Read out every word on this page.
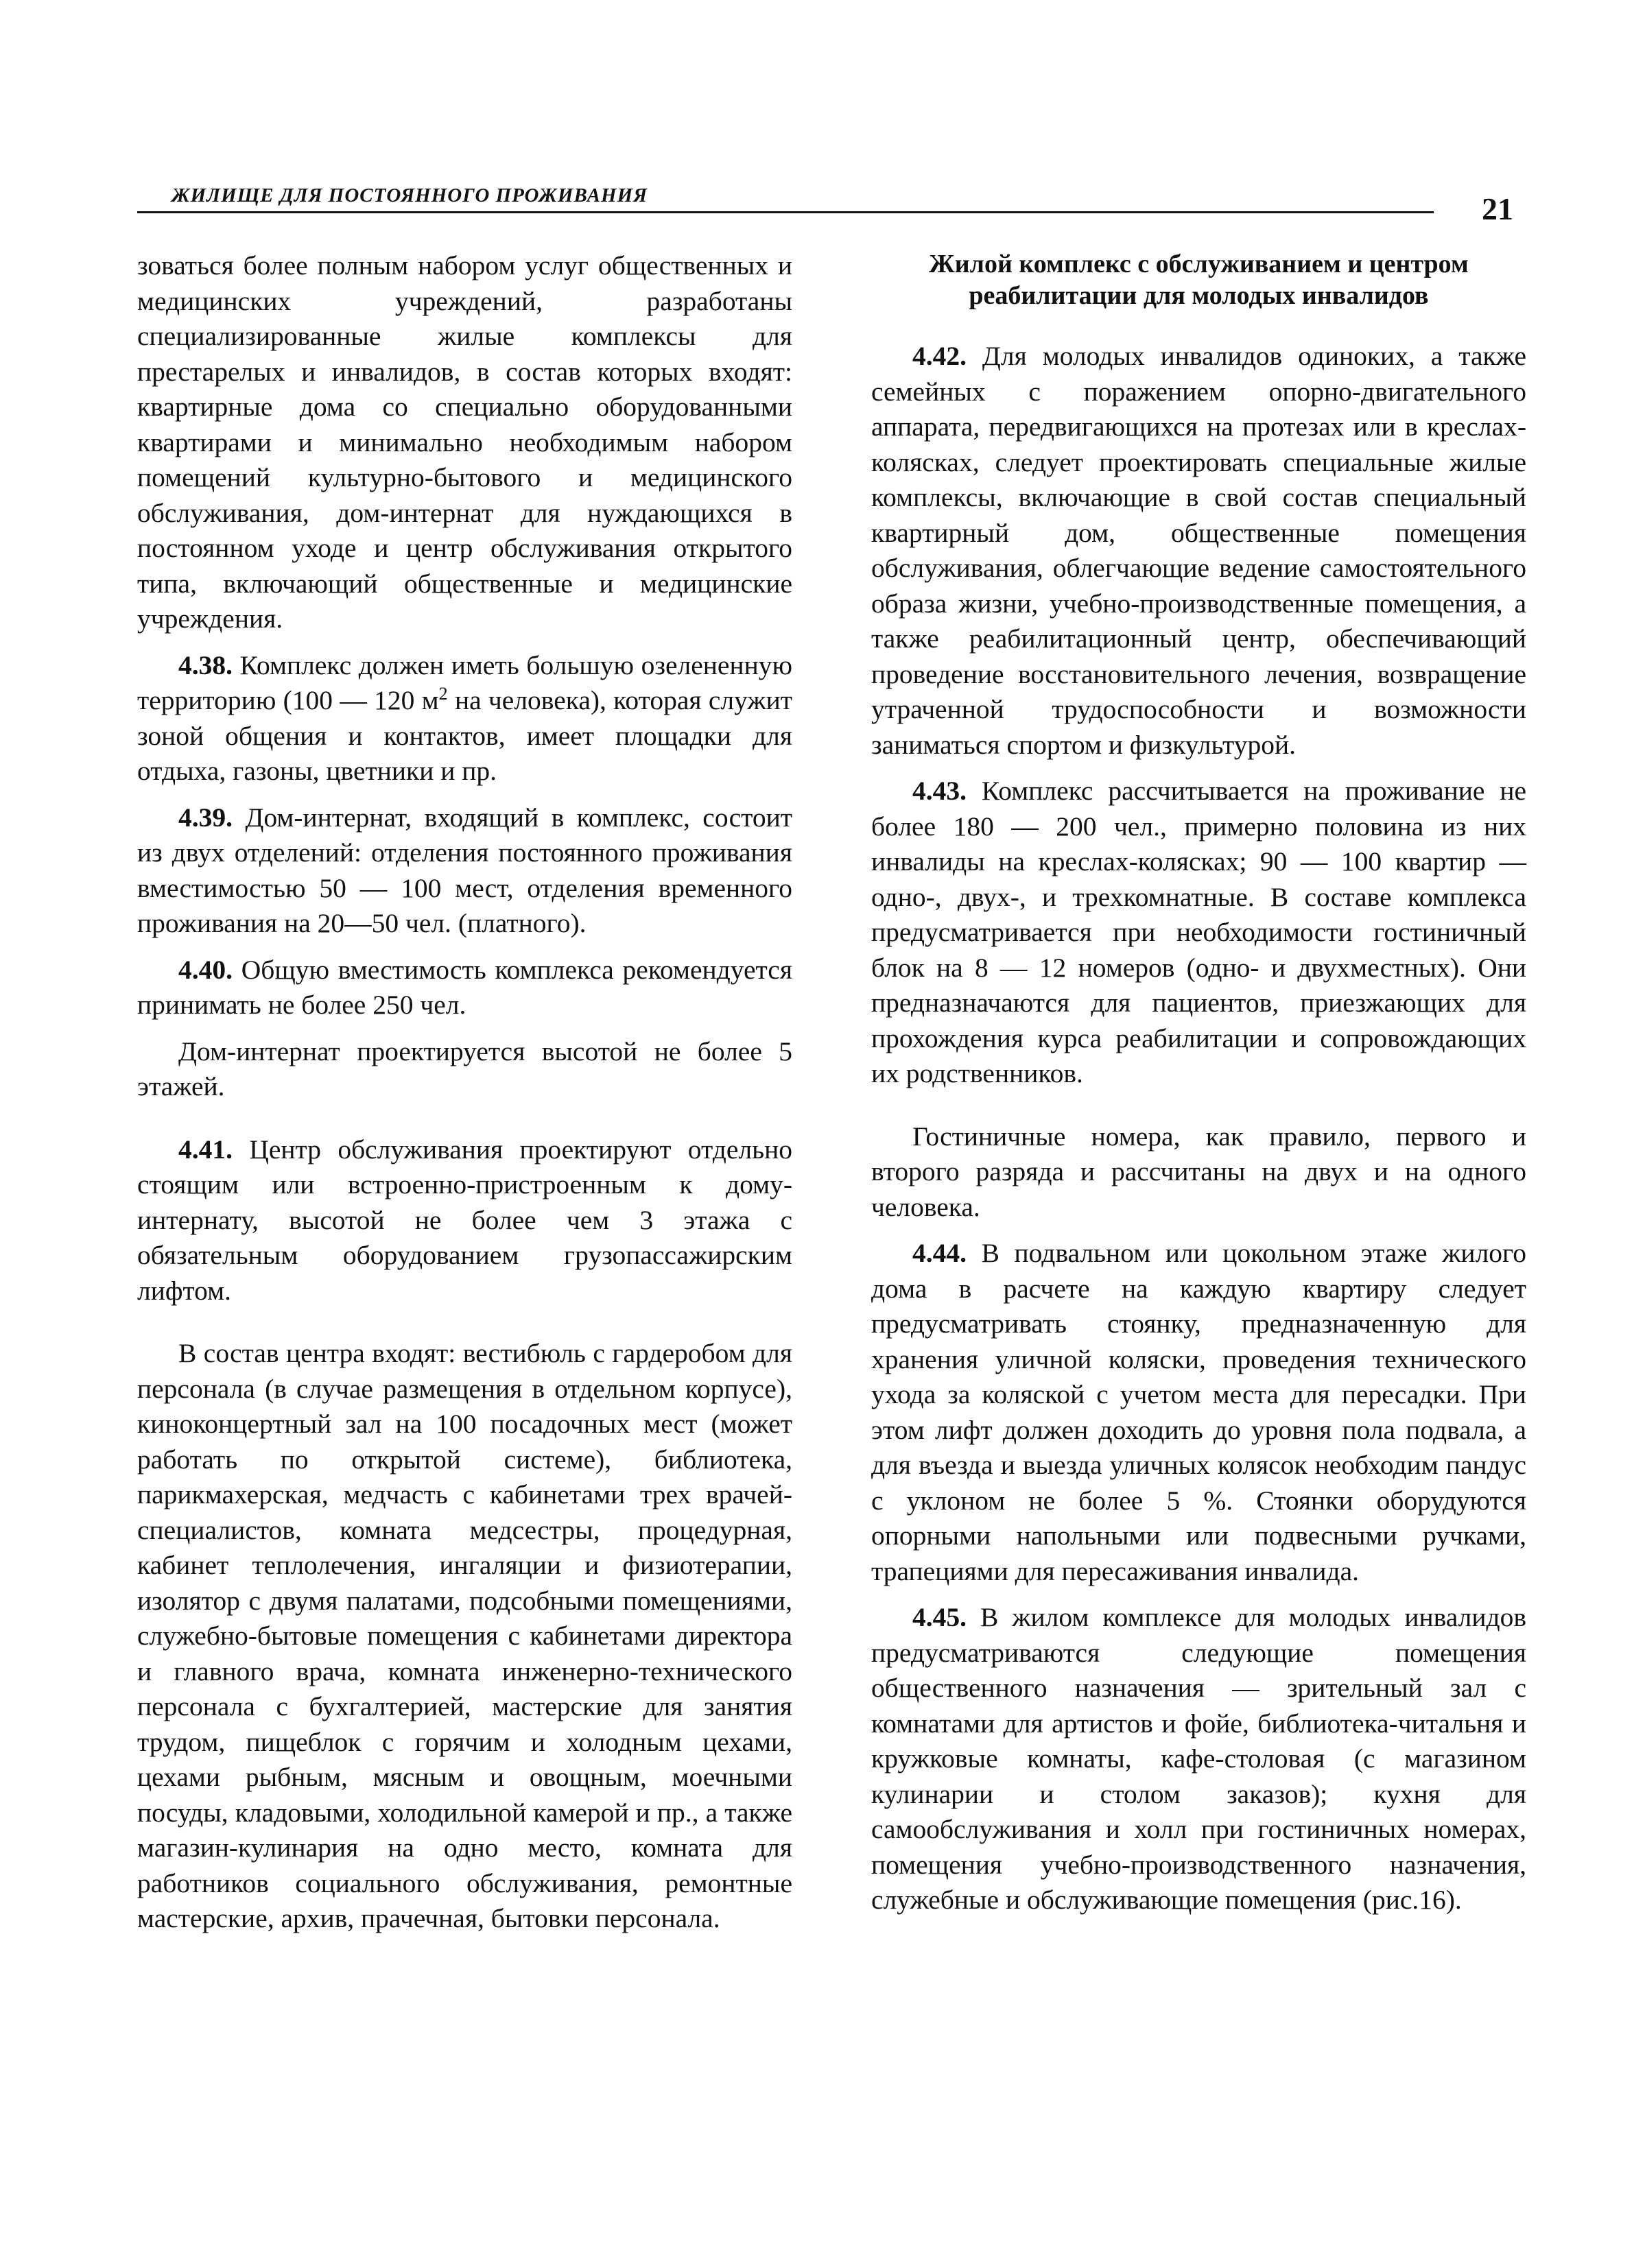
ЖИЛИЩЕ ДЛЯ ПОСТОЯННОГО ПРОЖИВАНИЯ	21

зоваться более полным набором услуг общественных и медицинских учреждений, разработаны специализированные жилые комплексы для престарелых и инвалидов, в состав которых входят: квартирные дома со специально оборудованными квартирами и минимально необходимым набором помещений культурно-бытового и медицинского обслуживания, дом-интернат для нуждающихся в постоянном уходе и центр обслуживания открытого типа, включающий общественные и медицинские учреждения.

4.38. Комплекс должен иметь большую озелененную территорию (100 — 120 $м^2$ на человека), которая служит зоной общения и контактов, имеет площадки для отдыха, газоны, цветники и пр.

4.39. Дом-интернат, входящий в комплекс, состоит из двух отделений: отделения постоянного проживания вместимостью 50 — 100 мест, отделения временного проживания на 20—50 чел. (платного).

4.40. Общую вместимость комплекса рекомендуется принимать не более 250 чел.

Дом-интернат проектируется высотой не более 5 этажей.

4.41. Центр обслуживания проектируют отдельно стоящим или встроенно-пристроенным к дому-интернату, высотой не более чем 3 этажа с обязательным оборудованием грузопассажирским лифтом.

В состав центра входят: вестибюль с гардеробом для персонала (в случае размещения в отдельном корпусе), киноконцертный зал на 100 посадочных мест (может работать по открытой системе), библиотека, парикмахерская, медчасть с кабинетами трех врачей-специалистов, комната медсестры, процедурная, кабинет теплолечения, ингаляции и физиотерапии, изолятор с двумя палатами, подсобными помещениями, служебно-бытовые помещения с кабинетами директора и главного врача, комната инженерно-технического персонала с бухгалтерией, мастерские для занятия трудом, пищеблок с горячим и холодным цехами, цехами рыбным, мясным и овощным, моечными посуды, кладовыми, холодильной камерой и пр., а также магазин-кулинария на одно место, комната для работников социального обслуживания, ремонтные мастерские, архив, прачечная, бытовки персонала.

Жилой комплекс с обслуживанием и центром реабилитации для молодых инвалидов

4.42. Для молодых инвалидов одиноких, а также семейных с поражением опорно-двигательного аппарата, передвигающихся на протезах или в креслах-колясках, следует проектировать специальные жилые комплексы, включающие в свой состав специальный квартирный дом, общественные помещения обслуживания, облегчающие ведение самостоятельного образа жизни, учебно-производственные помещения, а также реабилитационный центр, обеспечивающий проведение восстановительного лечения, возвращение утраченной трудоспособности и возможности заниматься спортом и физкультурой.

4.43. Комплекс рассчитывается на проживание не более 180 — 200 чел., примерно половина из них инвалиды на креслах-колясках; 90 — 100 квартир — одно-, двух-, и трехкомнатные. В составе комплекса предусматривается при необходимости гостиничный блок на 8 — 12 номеров (одно- и двухместных). Они предназначаются для пациентов, приезжающих для прохождения курса реабилитации и сопровождающих их родственников.

Гостиничные номера, как правило, первого и второго разряда и рассчитаны на двух и на одного человека.

4.44. В подвальном или цокольном этаже жилого дома в расчете на каждую квартиру следует предусматривать стоянку, предназначенную для хранения уличной коляски, проведения технического ухода за коляской с учетом места для пересадки. При этом лифт должен доходить до уровня пола подвала, а для въезда и выезда уличных колясок необходим пандус с уклоном не более 5 %. Стоянки оборудуются опорными напольными или подвесными ручками, трапециями для пересаживания инвалида.

4.45. В жилом комплексе для молодых инвалидов предусматриваются следующие помещения общественного назначения — зрительный зал с комнатами для артистов и фойе, библиотека-читальня и кружковые комнаты, кафе-столовая (с магазином кулинарии и столом заказов); кухня для самообслуживания и холл при гостиничных номерах, помещения учебно-производственного назначения, служебные и обслуживающие помещения (рис.16).
